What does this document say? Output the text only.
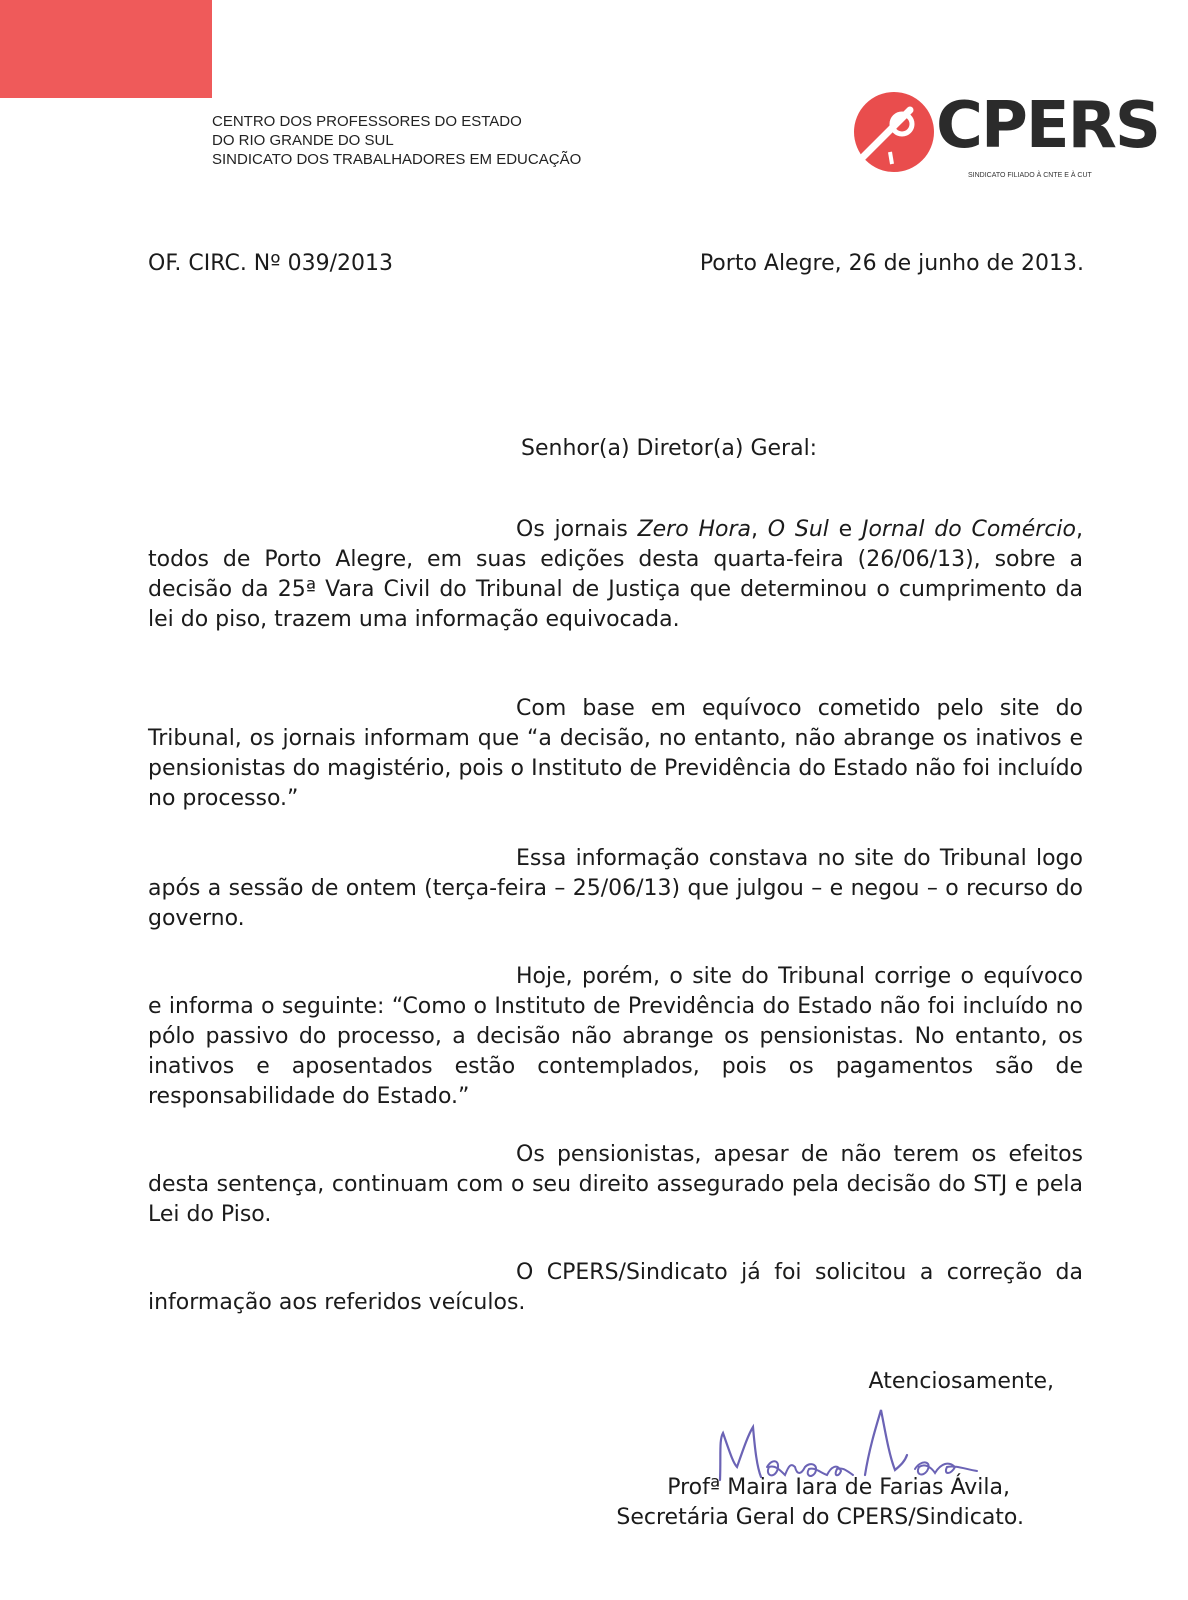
CENTRO DOS PROFESSORES DO ESTADO
DO RIO GRANDE DO SUL
SINDICATO DOS TRABALHADORES EM EDUCAÇÃO	CPERS
SINDICATO FILIADO À CNTE E À CUT
OF. CIRC. Nº 039/2013	Porto Alegre, 26 de junho de 2013.
Senhor(a) Diretor(a) Geral:

Os jornais Zero Hora, O Sul e Jornal do Comércio, todos de Porto Alegre, em suas edições desta quarta-feira (26/06/13), sobre a decisão da 25ª Vara Civil do Tribunal de Justiça que determinou o cumprimento da lei do piso, trazem uma informação equivocada.

Com base em equívoco cometido pelo site do Tribunal, os jornais informam que “a decisão, no entanto, não abrange os inativos e pensionistas do magistério, pois o Instituto de Previdência do Estado não foi incluído no processo.”

Essa informação constava no site do Tribunal logo após a sessão de ontem (terça-feira – 25/06/13) que julgou – e negou – o recurso do governo.

Hoje, porém, o site do Tribunal corrige o equívoco e informa o seguinte: “Como o Instituto de Previdência do Estado não foi incluído no pólo passivo do processo, a decisão não abrange os pensionistas. No entanto, os inativos e aposentados estão contemplados, pois os pagamentos são de responsabilidade do Estado.”

Os pensionistas, apesar de não terem os efeitos desta sentença, continuam com o seu direito assegurado pela decisão do STJ e pela Lei do Piso.

O CPERS/Sindicato já foi solicitou a correção da informação aos referidos veículos.

Atenciosamente,
Profª Maira Iara de Farias Ávila,
Secretária Geral do CPERS/Sindicato.
